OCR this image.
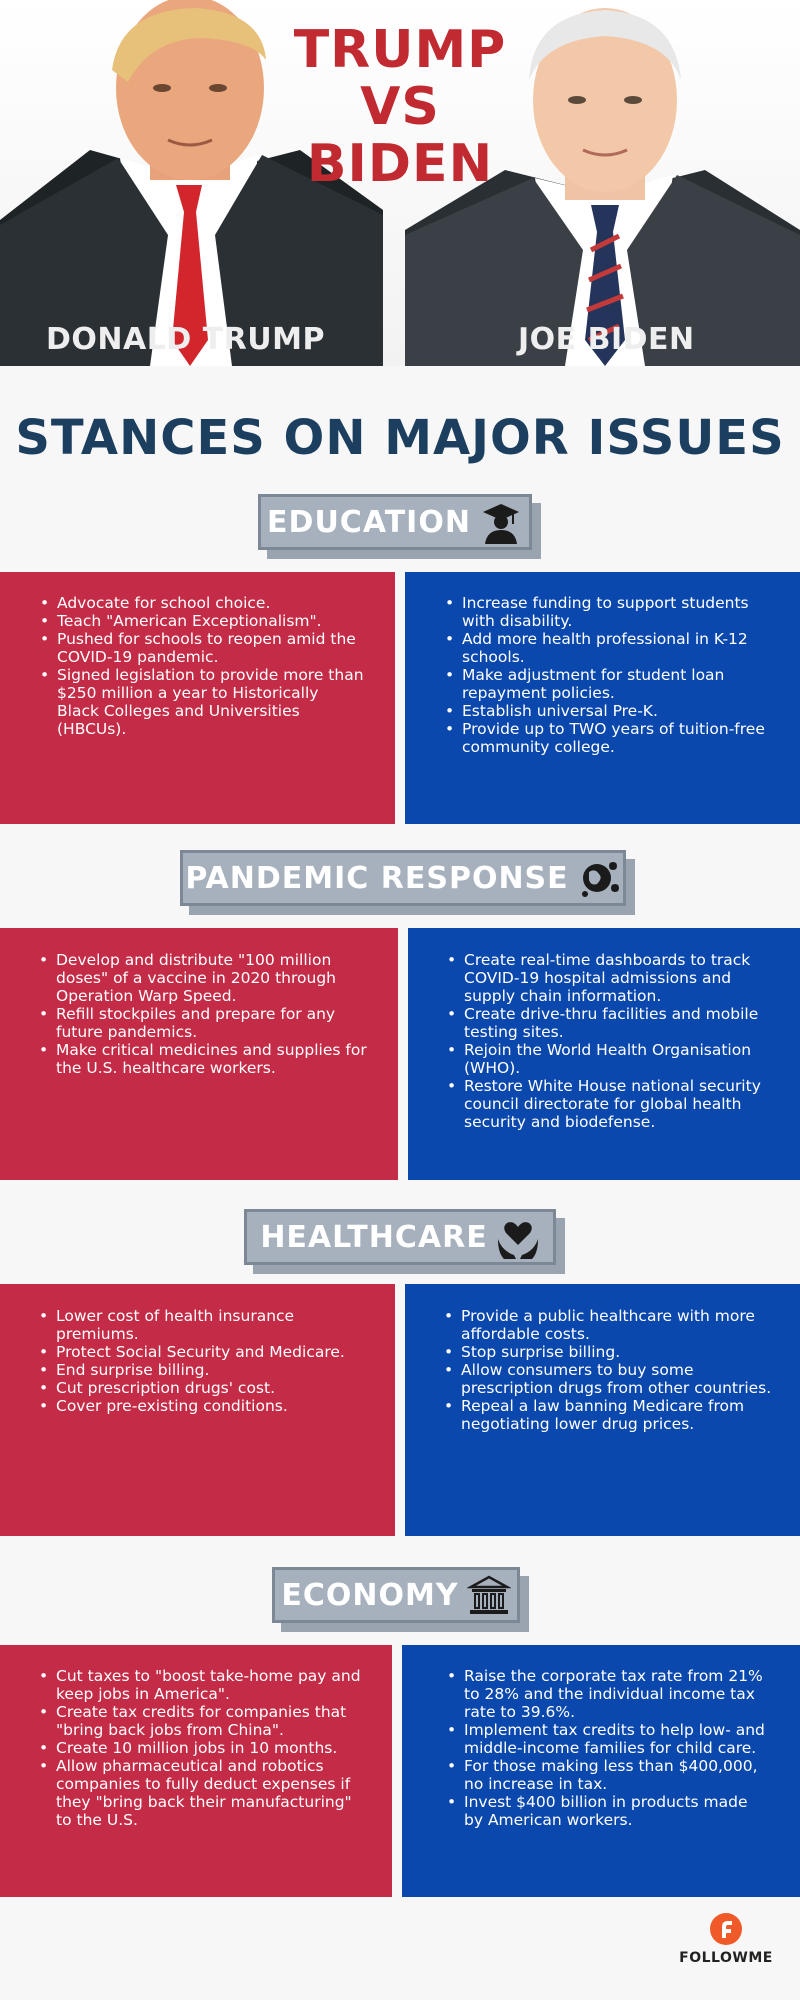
TRUMP
VS
BIDEN
DONALD TRUMP	JOE BIDEN
STANCES ON MAJOR ISSUES
EDUCATION
• Advocate for school choice.
• Teach "American Exceptionalism".
• Pushed for schools to reopen amid the COVID-19 pandemic.
• Signed legislation to provide more than $250 million a year to Historically Black Colleges and Universities (HBCUs).
• Increase funding to support students with disability.
• Add more health professional in K-12 schools.
• Make adjustment for student loan repayment policies.
• Establish universal Pre-K.
• Provide up to TWO years of tuition-free community college.
PANDEMIC RESPONSE
• Develop and distribute "100 million doses" of a vaccine in 2020 through Operation Warp Speed.
• Refill stockpiles and prepare for any future pandemics.
• Make critical medicines and supplies for the U.S. healthcare workers.
• Create real-time dashboards to track COVID-19 hospital admissions and supply chain information.
• Create drive-thru facilities and mobile testing sites.
• Rejoin the World Health Organisation (WHO).
• Restore White House national security council directorate for global health security and biodefense.
HEALTHCARE
• Lower cost of health insurance premiums.
• Protect Social Security and Medicare.
• End surprise billing.
• Cut prescription drugs' cost.
• Cover pre-existing conditions.
• Provide a public healthcare with more affordable costs.
• Stop surprise billing.
• Allow consumers to buy some prescription drugs from other countries.
• Repeal a law banning Medicare from negotiating lower drug prices.
ECONOMY
• Cut taxes to "boost take-home pay and keep jobs in America".
• Create tax credits for companies that "bring back jobs from China".
• Create 10 million jobs in 10 months.
• Allow pharmaceutical and robotics companies to fully deduct expenses if they "bring back their manufacturing" to the U.S.
• Raise the corporate tax rate from 21% to 28% and the individual income tax rate to 39.6%.
• Implement tax credits to help low- and middle-income families for child care.
• For those making less than $400,000, no increase in tax.
• Invest $400 billion in products made by American workers.
FOLLOWME
